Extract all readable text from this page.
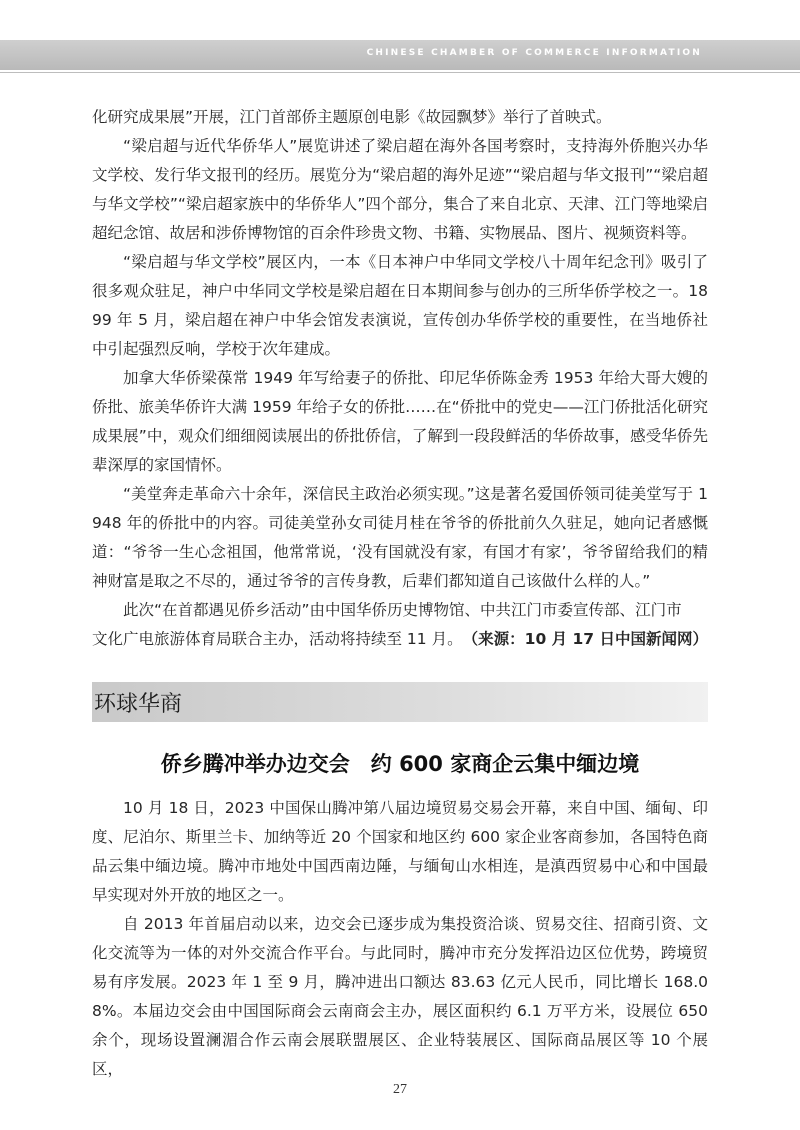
CHINESE CHAMBER OF COMMERCE INFORMATION

化研究成果展”开展，江门首部侨主题原创电影《故园飘梦》举行了首映式。

“梁启超与近代华侨华人”展览讲述了梁启超在海外各国考察时，支持海外侨胞兴办华文学校、发行华文报刊的经历。展览分为“梁启超的海外足迹”“梁启超与华文报刊”“梁启超与华文学校”“梁启超家族中的华侨华人”四个部分，集合了来自北京、天津、江门等地梁启超纪念馆、故居和涉侨博物馆的百余件珍贵文物、书籍、实物展品、图片、视频资料等。

“梁启超与华文学校”展区内，一本《日本神户中华同文学校八十周年纪念刊》吸引了很多观众驻足，神户中华同文学校是梁启超在日本期间参与创办的三所华侨学校之一。1899 年 5 月，梁启超在神户中华会馆发表演说，宣传创办华侨学校的重要性，在当地侨社中引起强烈反响，学校于次年建成。

加拿大华侨梁葆常 1949 年写给妻子的侨批、印尼华侨陈金秀 1953 年给大哥大嫂的侨批、旅美华侨许大满 1959 年给子女的侨批……在“侨批中的党史——江门侨批活化研究成果展”中，观众们细细阅读展出的侨批侨信，了解到一段段鲜活的华侨故事，感受华侨先辈深厚的家国情怀。

“美堂奔走革命六十余年，深信民主政治必须实现。”这是著名爱国侨领司徒美堂写于 1948 年的侨批中的内容。司徒美堂孙女司徒月桂在爷爷的侨批前久久驻足，她向记者感慨道：“爷爷一生心念祖国，他常常说，‘没有国就没有家，有国才有家’，爷爷留给我们的精神财富是取之不尽的，通过爷爷的言传身教，后辈们都知道自己该做什么样的人。”

此次“在首都遇见侨乡活动”由中国华侨历史博物馆、中共江门市委宣传部、江门市

文化广电旅游体育局联合主办，活动将持续至 11 月。 （来源：10 月 17 日中国新闻网）
环球华商
侨乡腾冲举办边交会　约 600 家商企云集中缅边境

10 月 18 日，2023 中国保山腾冲第八届边境贸易交易会开幕，来自中国、缅甸、印度、尼泊尔、斯里兰卡、加纳等近 20 个国家和地区约 600 家企业客商参加，各国特色商品云集中缅边境。腾冲市地处中国西南边陲，与缅甸山水相连，是滇西贸易中心和中国最早实现对外开放的地区之一。

自 2013 年首届启动以来，边交会已逐步成为集投资洽谈、贸易交往、招商引资、文化交流等为一体的对外交流合作平台。与此同时，腾冲市充分发挥沿边区位优势，跨境贸易有序发展。2023 年 1 至 9 月，腾冲进出口额达 83.63 亿元人民币，同比增长 168.08%。本届边交会由中国国际商会云南商会主办，展区面积约 6.1 万平方米，设展位 650 余个，现场设置澜湄合作云南会展联盟展区、企业特装展区、国际商品展区等 10 个展区，

27
